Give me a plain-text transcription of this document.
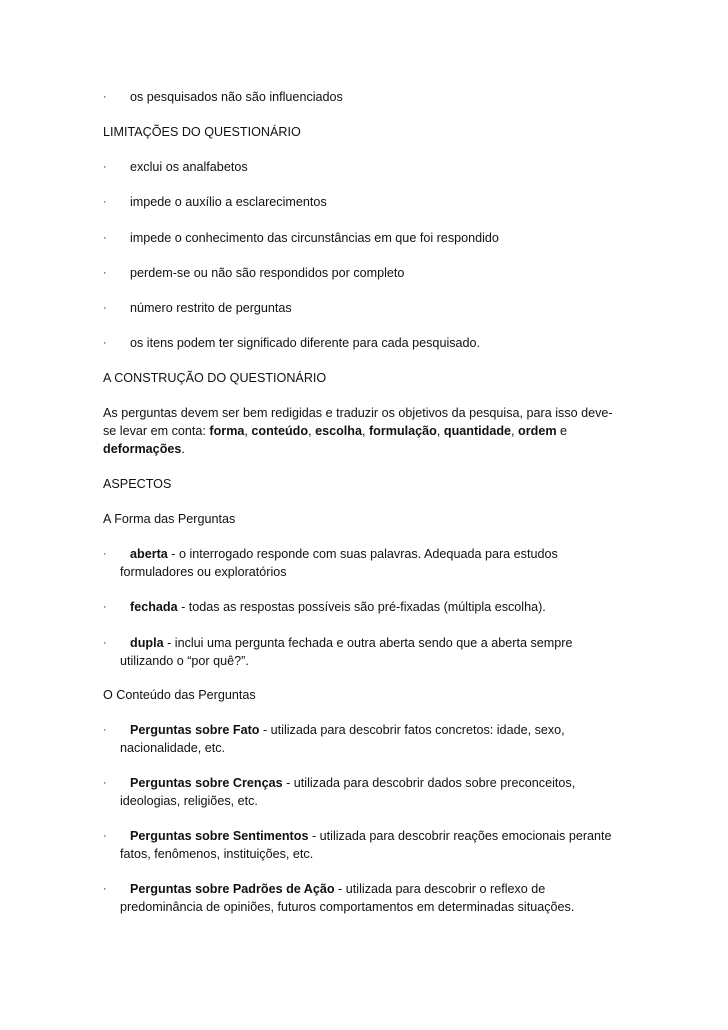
·	os pesquisados não são influenciados
LIMITAÇÕES DO QUESTIONÁRIO
·	exclui os analfabetos
·	impede o auxílio a esclarecimentos
·	impede o conhecimento das circunstâncias em que foi respondido
·	perdem-se ou não são respondidos por completo
·	número restrito de perguntas
·	os itens podem ter significado diferente para cada pesquisado.
A CONSTRUÇÃO DO QUESTIONÁRIO

As perguntas devem ser bem redigidas e traduzir os objetivos da pesquisa, para isso deve-se levar em conta: forma, conteúdo, escolha, formulação, quantidade, ordem e deformações.

ASPECTOS
A Forma das Perguntas
·	aberta - o interrogado responde com suas palavras. Adequada para estudos formuladores ou exploratórios
·	fechada - todas as respostas possíveis são pré-fixadas (múltipla escolha).
·	dupla - inclui uma pergunta fechada e outra aberta sendo que a aberta sempre utilizando o “por quê?”.
O Conteúdo das Perguntas
·	Perguntas sobre Fato - utilizada para descobrir fatos concretos: idade, sexo, nacionalidade, etc.
·	Perguntas sobre Crenças - utilizada para descobrir dados sobre preconceitos, ideologias, religiões, etc.
·	Perguntas sobre Sentimentos - utilizada para descobrir reações emocionais perante fatos, fenômenos, instituições, etc.
·	Perguntas sobre Padrões de Ação - utilizada para descobrir o reflexo de predominância de opiniões, futuros comportamentos em determinadas situações.
